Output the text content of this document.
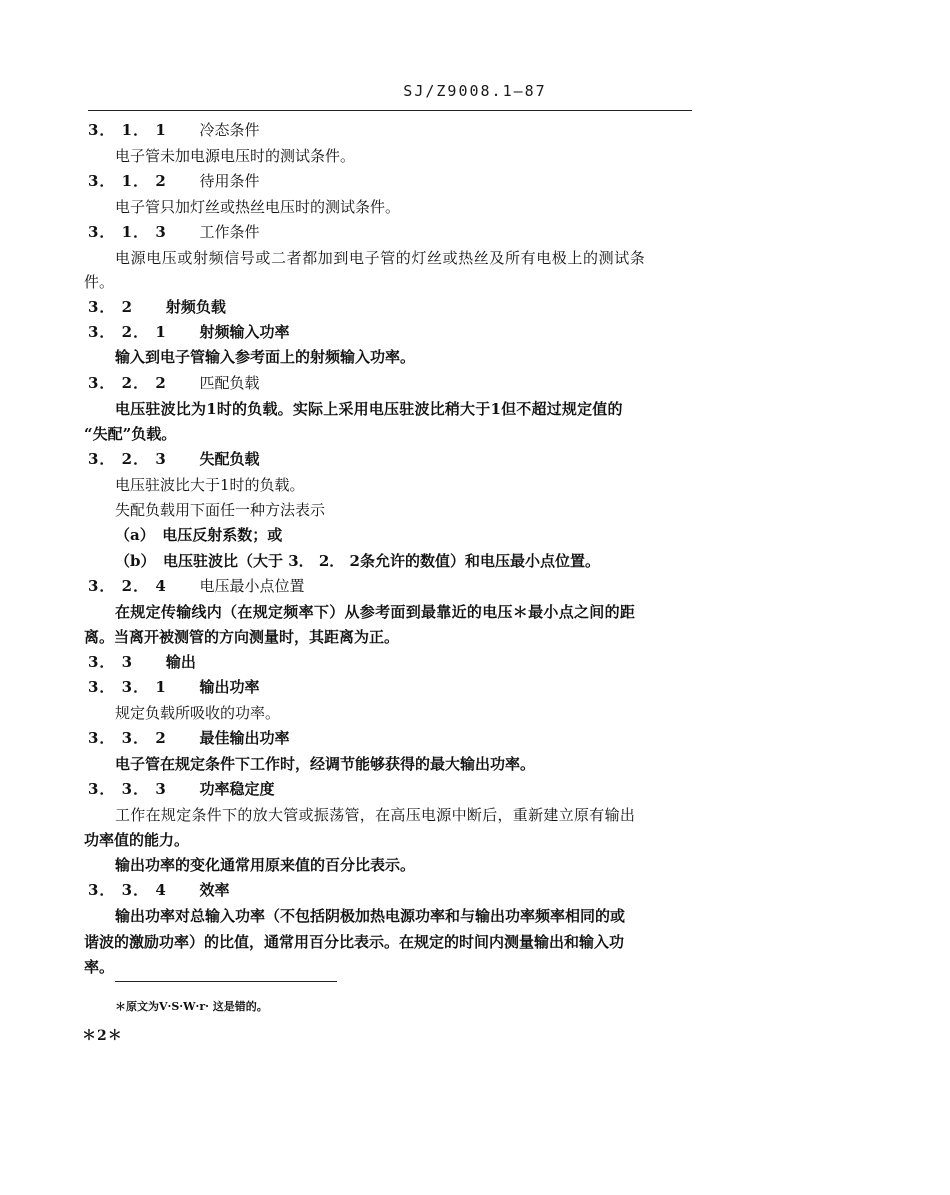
SJ/Z9008.1—87
3． 1． 1 冷态条件
电子管未加电源电压时的测试条件。
3． 1． 2 待用条件
电子管只加灯丝或热丝电压时的测试条件。
3． 1． 3 工作条件
电源电压或射频信号或二者都加到电子管的灯丝或热丝及所有电极上的测试条
件。
3． 2 射频负载
3． 2． 1 射频输入功率
输入到电子管输入参考面上的射频输入功率。
3． 2． 2 匹配负载
电压驻波比为1时的负载。实际上采用电压驻波比稍大于1但不超过规定值的
“失配”负载。
3． 2． 3 失配负载
电压驻波比大于1时的负载。
失配负载用下面任一种方法表示
（a）　电压反射系数；或
（b）　电压驻波比（大于 3． 2． 2条允许的数值）和电压最小点位置。
3． 2． 4 电压最小点位置
在规定传输线内（在规定频率下）从参考面到最靠近的电压＊最小点之间的距
离。当离开被测管的方向测量时，其距离为正。
3． 3 输出
3． 3． 1 输出功率
规定负载所吸收的功率。
3． 3． 2 最佳输出功率
电子管在规定条件下工作时，经调节能够获得的最大输出功率。
3． 3． 3 功率稳定度
工作在规定条件下的放大管或振荡管，在高压电源中断后，重新建立原有输出
功率值的能力。
输出功率的变化通常用原来值的百分比表示。
3． 3． 4 效率
输出功率对总输入功率（不包括阴极加热电源功率和与输出功率频率相同的或
谐波的激励功率）的比值，通常用百分比表示。在规定的时间内测量输出和输入功
率。
＊原文为V·S·W·r· 这是错的。
＊2＊
